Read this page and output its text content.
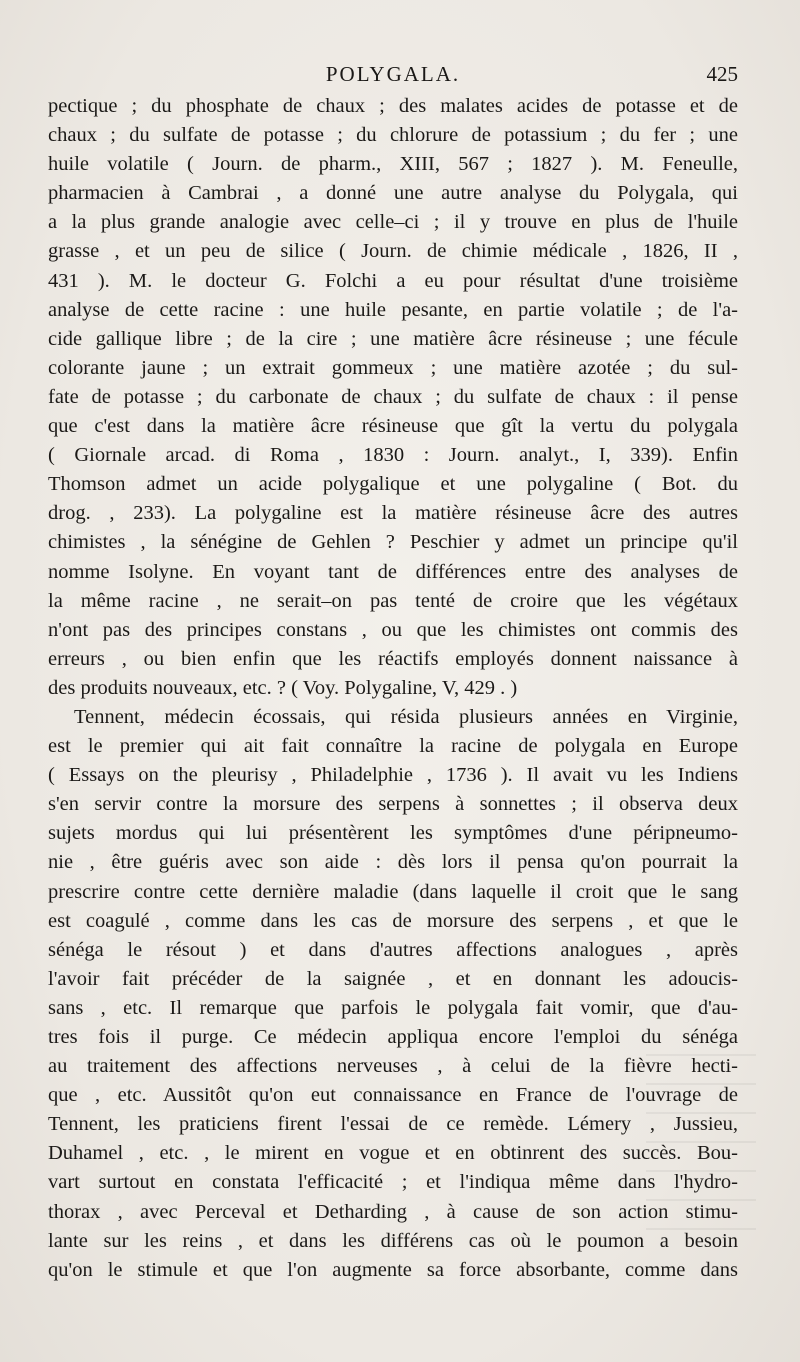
POLYGALA.	425
pectique ; du phosphate de chaux ; des malates acides de potasse et de
chaux ; du sulfate de potasse ; du chlorure de potassium ; du fer ; une
huile volatile ( Journ. de pharm., XIII, 567 ; 1827 ). M. Feneulle,
pharmacien à Cambrai , a donné une autre analyse du Polygala, qui
a la plus grande analogie avec celle–ci ; il y trouve en plus de l'huile
grasse , et un peu de silice ( Journ. de chimie médicale , 1826, II ,
431 ). M. le docteur G. Folchi a eu pour résultat d'une troisième
analyse de cette racine : une huile pesante, en partie volatile ; de l'a-
cide gallique libre ; de la cire ; une matière âcre résineuse ; une fécule
colorante jaune ; un extrait gommeux ; une matière azotée ; du sul-
fate de potasse ; du carbonate de chaux ; du sulfate de chaux : il pense
que c'est dans la matière âcre résineuse que gît la vertu du polygala
( Giornale arcad. di Roma , 1830 : Journ. analyt., I, 339). Enfin
Thomson admet un acide polygalique et une polygaline ( Bot. du
drog. , 233). La polygaline est la matière résineuse âcre des autres
chimistes , la sénégine de Gehlen ? Peschier y admet un principe qu'il
nomme Isolyne. En voyant tant de différences entre des analyses de
la même racine , ne serait–on pas tenté de croire que les végétaux
n'ont pas des principes constans , ou que les chimistes ont commis des
erreurs , ou bien enfin que les réactifs employés donnent naissance à
des produits nouveaux, etc. ? ( Voy. Polygaline, V, 429 . )
Tennent, médecin écossais, qui résida plusieurs années en Virginie,
est le premier qui ait fait connaître la racine de polygala en Europe
( Essays on the pleurisy , Philadelphie , 1736 ). Il avait vu les Indiens
s'en servir contre la morsure des serpens à sonnettes ; il observa deux
sujets mordus qui lui présentèrent les symptômes d'une péripneumo-
nie , être guéris avec son aide : dès lors il pensa qu'on pourrait la
prescrire contre cette dernière maladie (dans laquelle il croit que le sang
est coagulé , comme dans les cas de morsure des serpens , et que le
sénéga le résout ) et dans d'autres affections analogues , après
l'avoir fait précéder de la saignée , et en donnant les adoucis-
sans , etc. Il remarque que parfois le polygala fait vomir, que d'au-
tres fois il purge. Ce médecin appliqua encore l'emploi du sénéga
au traitement des affections nerveuses , à celui de la fièvre hecti-
que , etc. Aussitôt qu'on eut connaissance en France de l'ouvrage de
Tennent, les praticiens firent l'essai de ce remède. Lémery , Jussieu,
Duhamel , etc. , le mirent en vogue et en obtinrent des succès. Bou-
vart surtout en constata l'efficacité ; et l'indiqua même dans l'hydro-
thorax , avec Perceval et Detharding , à cause de son action stimu-
lante sur les reins , et dans les différens cas où le poumon a besoin
qu'on le stimule et que l'on augmente sa force absorbante, comme dans
